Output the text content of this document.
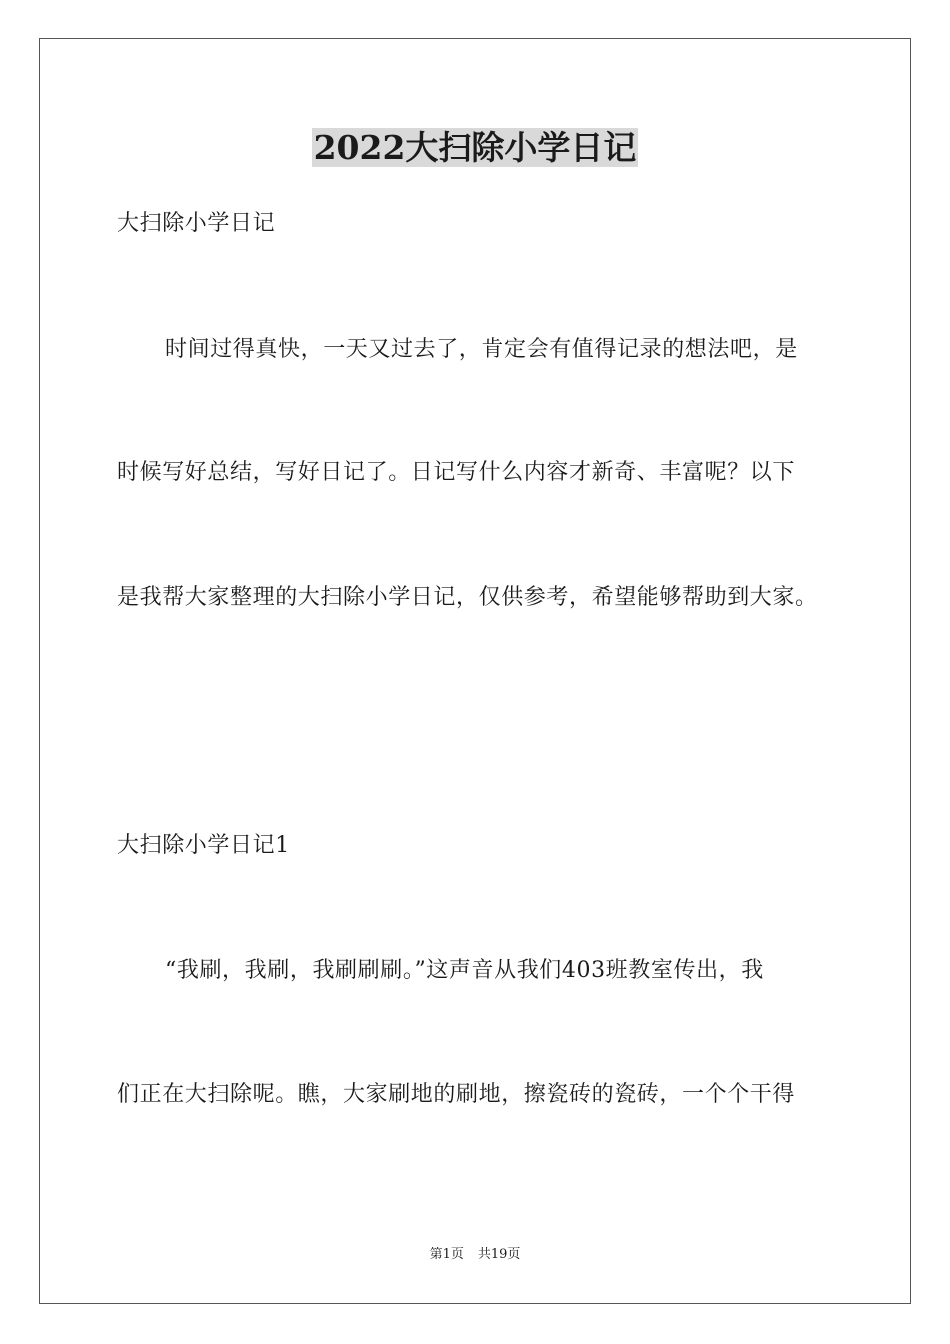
2022大扫除小学日记
大扫除小学日记
时间过得真快，一天又过去了，肯定会有值得记录的想法吧，是
时候写好总结，写好日记了。日记写什么内容才新奇、丰富呢？以下
是我帮大家整理的大扫除小学日记，仅供参考，希望能够帮助到大家。
大扫除小学日记1
“我刷，我刷，我刷刷刷。”这声音从我们403班教室传出，我
们正在大扫除呢。瞧，大家刷地的刷地，擦瓷砖的瓷砖，一个个干得
第1页 共19页
